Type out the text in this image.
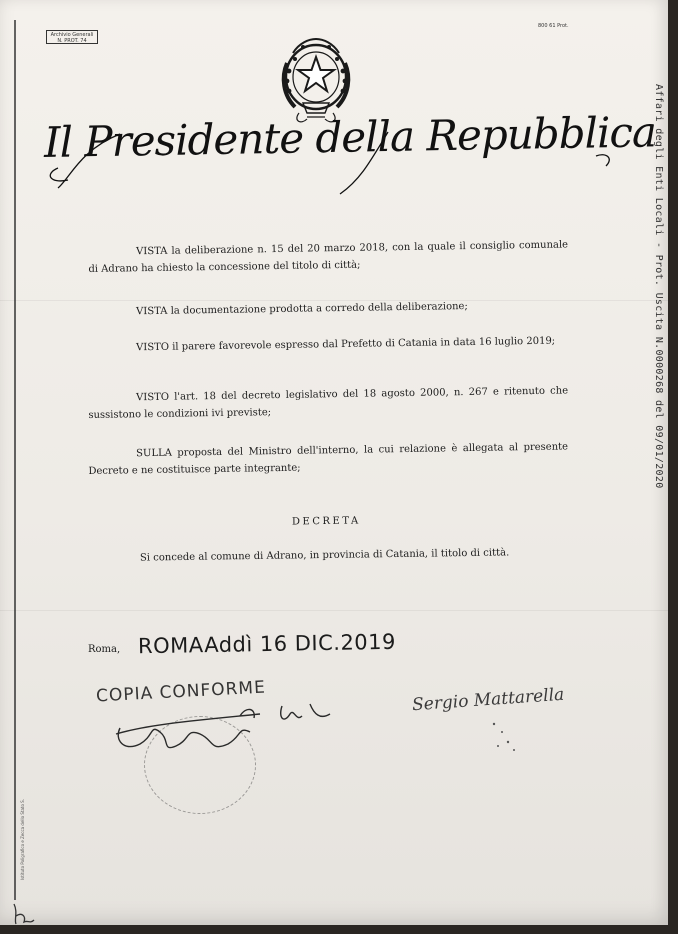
Archivio Generali
N. PROT. 74
800 61 Prot.
Il Presidente della Repubblica
Affari degli Enti Locali - Prot. Uscita N.0000268 del 09/01/2020
VISTA la deliberazione n. 15 del 20 marzo 2018, con la quale il consiglio comunale di Adrano ha chiesto la concessione del titolo di città;
VISTA la documentazione prodotta a corredo della deliberazione;
VISTO il parere favorevole espresso dal Prefetto di Catania in data 16 luglio 2019;
VISTO l'art. 18 del decreto legislativo del 18 agosto 2000, n. 267 e ritenuto che sussistono le condizioni ivi previste;
SULLA proposta del Ministro dell'interno, la cui relazione è allegata al presente Decreto e ne costituisce parte integrante;
DECRETA
Si concede al comune di Adrano, in provincia di Catania, il titolo di città.
Roma, ROMAAddì 16 DIC.2019
COPIA CONFORME	Sergio Mattarella
Istituto Poligrafico e Zecca dello Stato S.
